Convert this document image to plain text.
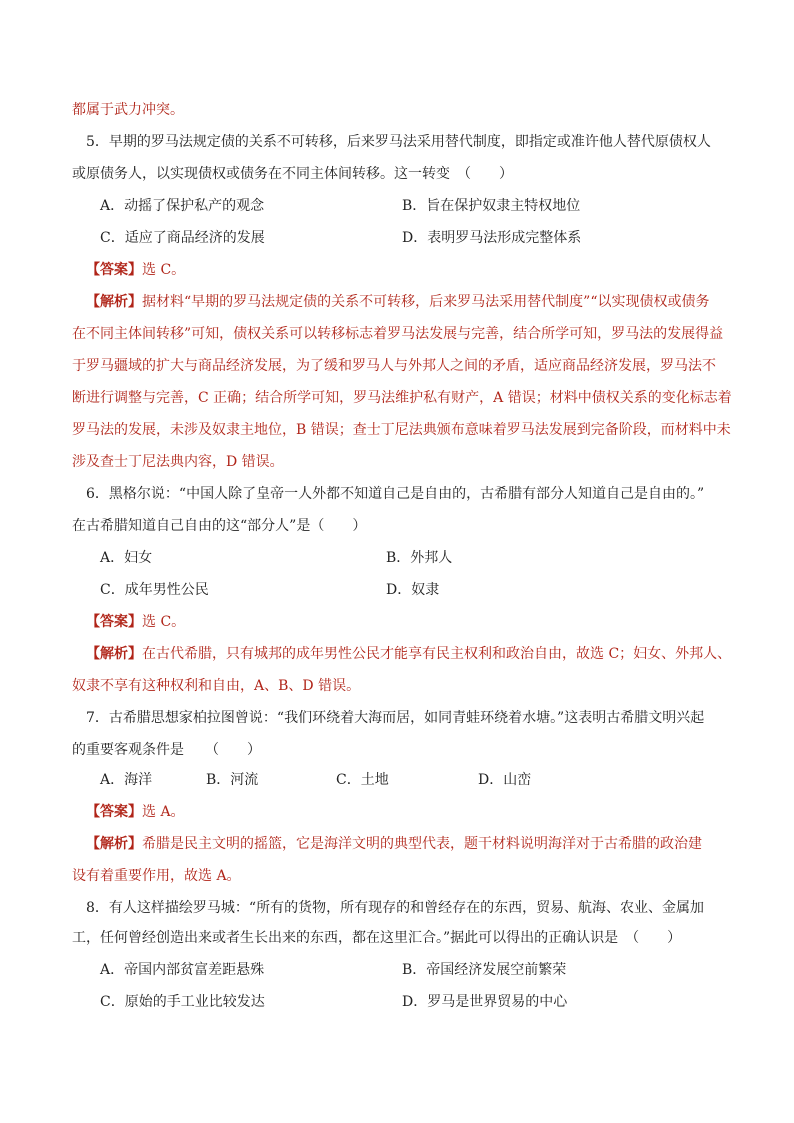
都属于武力冲突。
5．早期的罗马法规定债的关系不可转移，后来罗马法采用替代制度，即指定或准许他人替代原债权人
或原债务人，以实现债权或债务在不同主体间转移。这一转变　（　　）
A．动摇了保护私产的观念	B．旨在保护奴隶主特权地位
C．适应了商品经济的发展	D．表明罗马法形成完整体系
【答案】选 C。
【解析】据材料“早期的罗马法规定债的关系不可转移，后来罗马法采用替代制度”“以实现债权或债务
在不同主体间转移”可知，债权关系可以转移标志着罗马法发展与完善，结合所学可知，罗马法的发展得益
于罗马疆域的扩大与商品经济发展，为了缓和罗马人与外邦人之间的矛盾，适应商品经济发展，罗马法不
断进行调整与完善，C 正确；结合所学可知，罗马法维护私有财产，A 错误；材料中债权关系的变化标志着
罗马法的发展，未涉及奴隶主地位，B 错误；查士丁尼法典颁布意味着罗马法发展到完备阶段，而材料中未
涉及查士丁尼法典内容，D 错误。
6．黑格尔说：“中国人除了皇帝一人外都不知道自己是自由的，古希腊有部分人知道自己是自由的。”
在古希腊知道自己自由的这“部分人”是（　　）
A．妇女	B．外邦人
C．成年男性公民	D．奴隶
【答案】选 C。
【解析】在古代希腊，只有城邦的成年男性公民才能享有民主权利和政治自由，故选 C；妇女、外邦人、
奴隶不享有这种权利和自由，A、B、D 错误。
7．古希腊思想家柏拉图曾说：“我们环绕着大海而居，如同青蛙环绕着水塘。”这表明古希腊文明兴起
的重要客观条件是　　（　　）
A．海洋	B．河流	C．土地	D．山峦
【答案】选 A。
【解析】希腊是民主文明的摇篮，它是海洋文明的典型代表，题干材料说明海洋对于古希腊的政治建
设有着重要作用，故选 A。
8．有人这样描绘罗马城：“所有的货物，所有现存的和曾经存在的东西，贸易、航海、农业、金属加
工，任何曾经创造出来或者生长出来的东西，都在这里汇合。”据此可以得出的正确认识是　（　　）
A．帝国内部贫富差距悬殊	B．帝国经济发展空前繁荣
C．原始的手工业比较发达	D．罗马是世界贸易的中心
